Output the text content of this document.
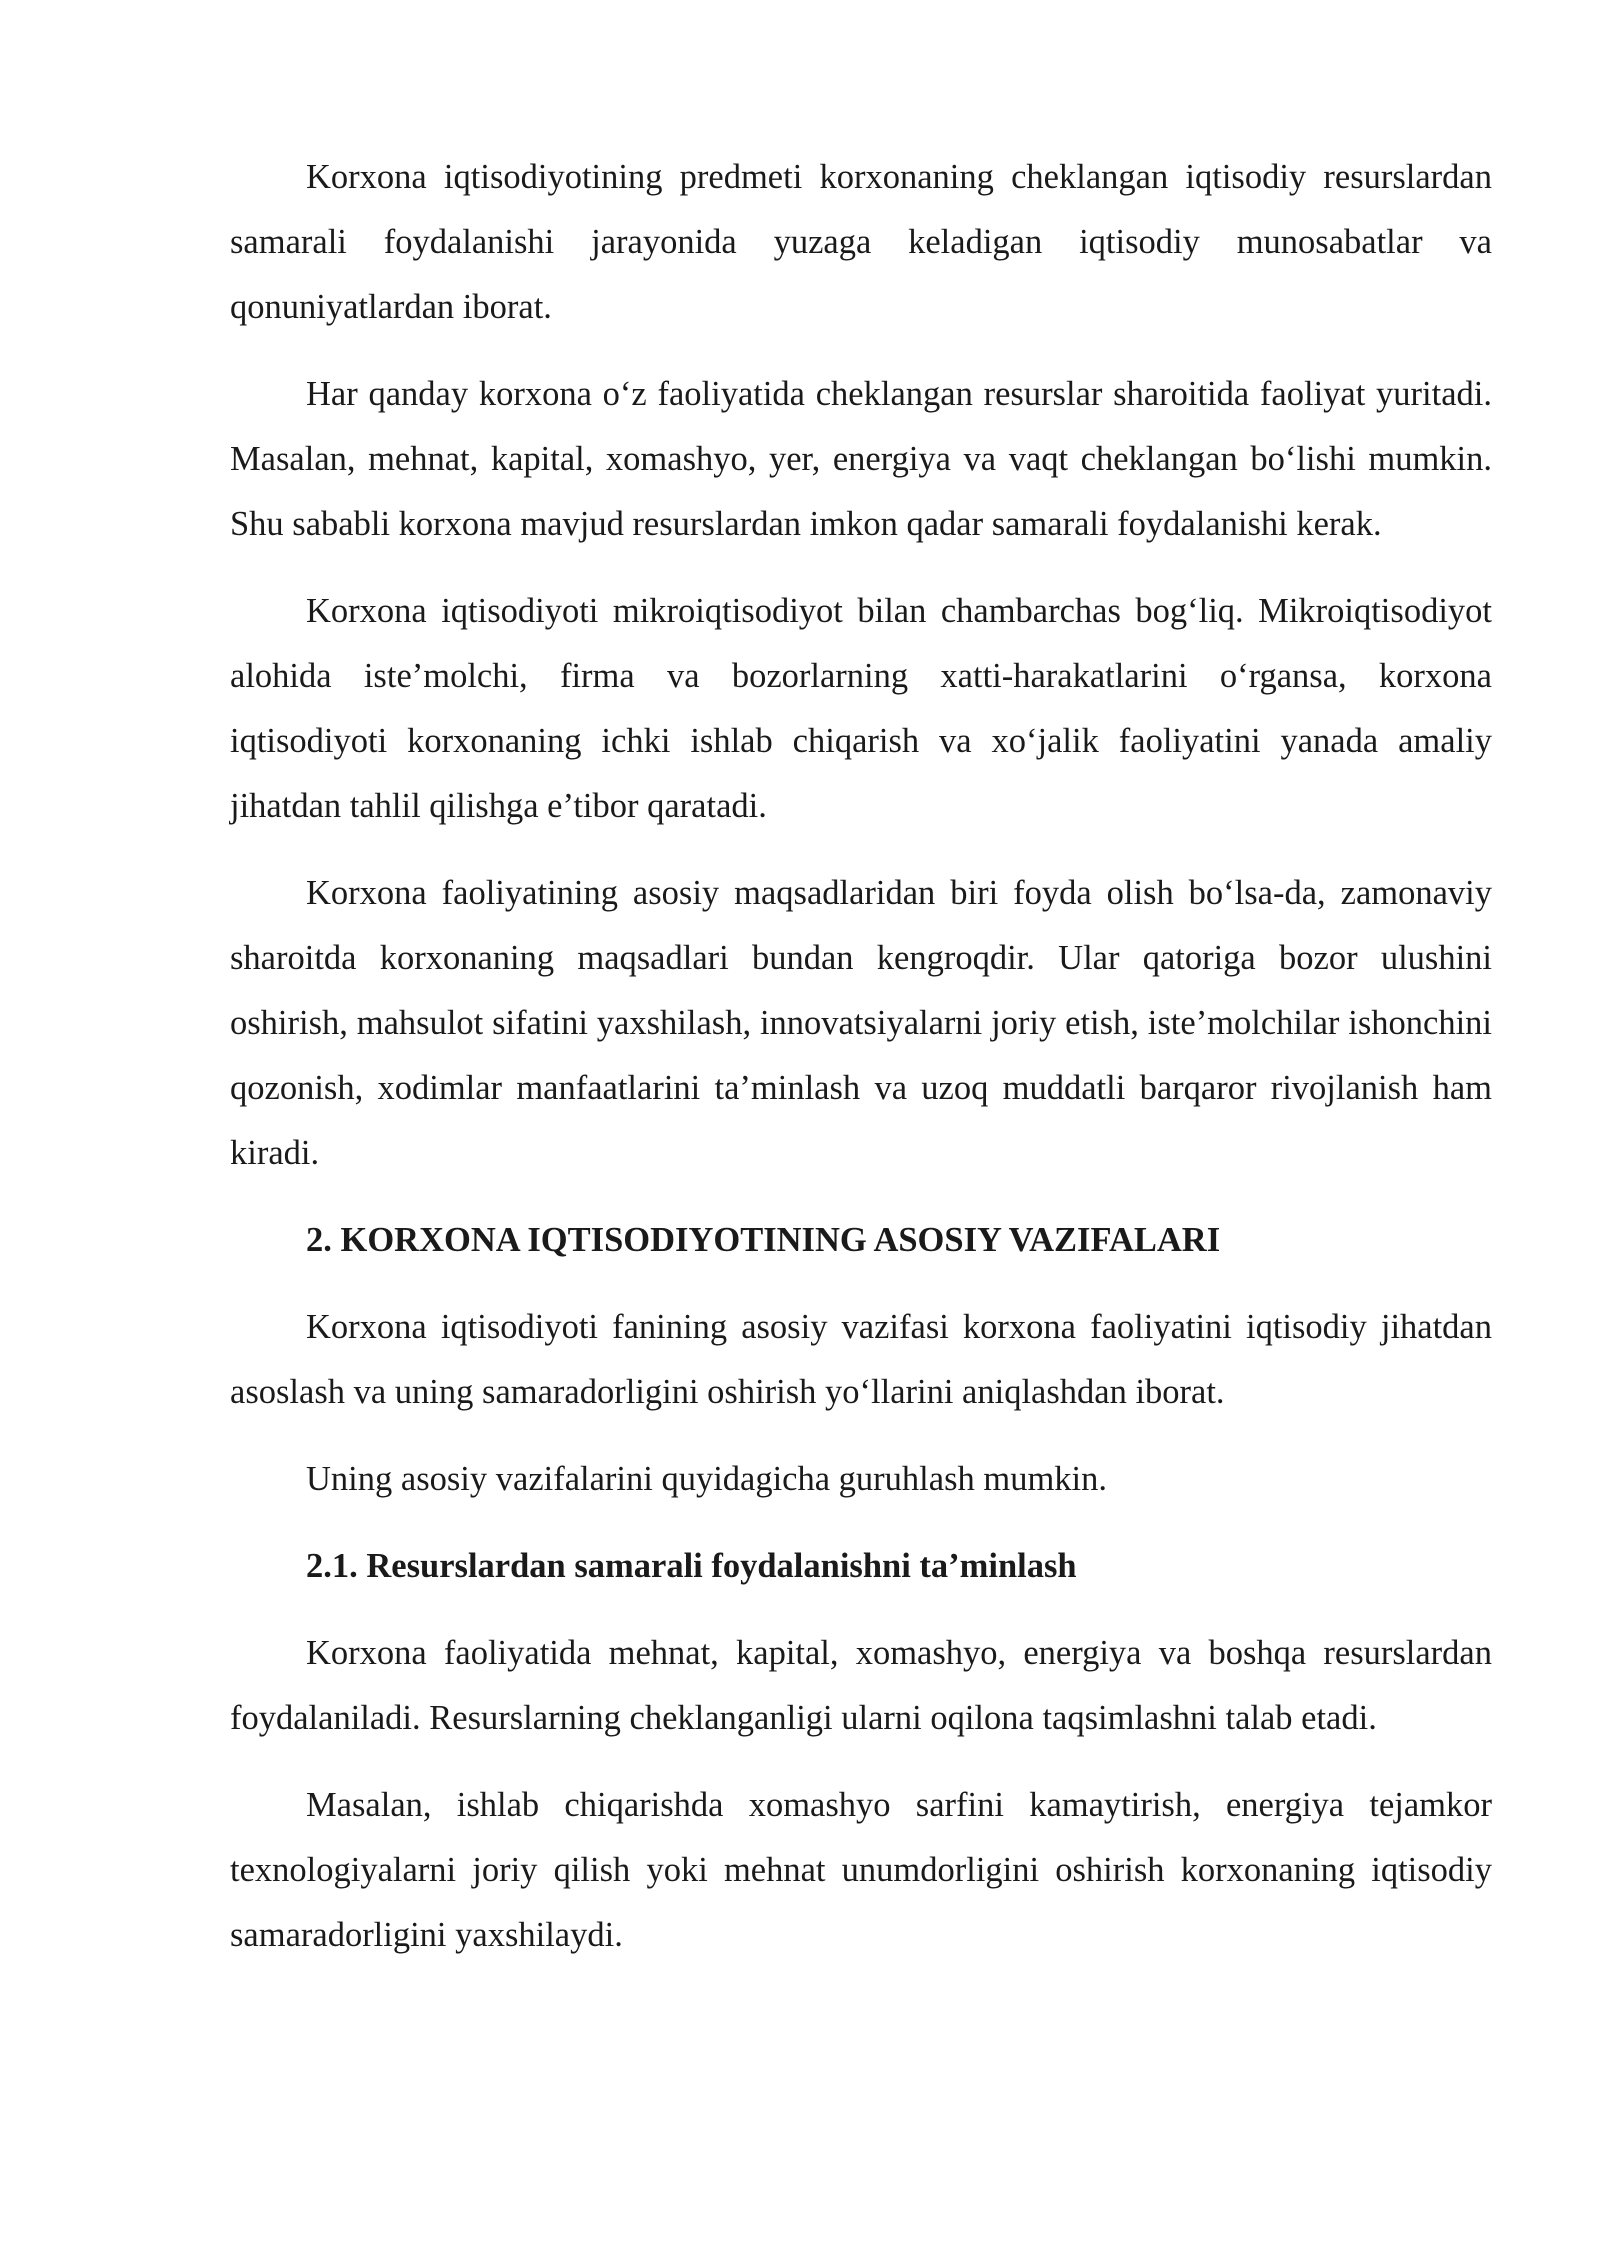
Korxona iqtisodiyotining predmeti korxonaning cheklangan iqtisodiy resurslardan samarali foydalanishi jarayonida yuzaga keladigan iqtisodiy munosabatlar va qonuniyatlardan iborat.

Har qanday korxona o‘z faoliyatida cheklangan resurslar sharoitida faoliyat yuritadi. Masalan, mehnat, kapital, xomashyo, yer, energiya va vaqt cheklangan bo‘lishi mumkin. Shu sababli korxona mavjud resurslardan imkon qadar samarali foydalanishi kerak.

Korxona iqtisodiyoti mikroiqtisodiyot bilan chambarchas bog‘liq. Mikroiqtisodiyot alohida iste’molchi, firma va bozorlarning xatti-harakatlarini o‘rgansa, korxona iqtisodiyoti korxonaning ichki ishlab chiqarish va xo‘jalik faoliyatini yanada amaliy jihatdan tahlil qilishga e’tibor qaratadi.

Korxona faoliyatining asosiy maqsadlaridan biri foyda olish bo‘lsa-da, zamonaviy sharoitda korxonaning maqsadlari bundan kengroqdir. Ular qatoriga bozor ulushini oshirish, mahsulot sifatini yaxshilash, innovatsiyalarni joriy etish, iste’molchilar ishonchini qozonish, xodimlar manfaatlarini ta’minlash va uzoq muddatli barqaror rivojlanish ham kiradi.

2. KORXONA IQTISODIYOTINING ASOSIY VAZIFALARI

Korxona iqtisodiyoti fanining asosiy vazifasi korxona faoliyatini iqtisodiy jihatdan asoslash va uning samaradorligini oshirish yo‘llarini aniqlashdan iborat.

Uning asosiy vazifalarini quyidagicha guruhlash mumkin.

2.1. Resurslardan samarali foydalanishni ta’minlash

Korxona faoliyatida mehnat, kapital, xomashyo, energiya va boshqa resurslardan foydalaniladi. Resurslarning cheklanganligi ularni oqilona taqsimlashni talab etadi.

Masalan, ishlab chiqarishda xomashyo sarfini kamaytirish, energiya tejamkor texnologiyalarni joriy qilish yoki mehnat unumdorligini oshirish korxonaning iqtisodiy samaradorligini yaxshilaydi.
